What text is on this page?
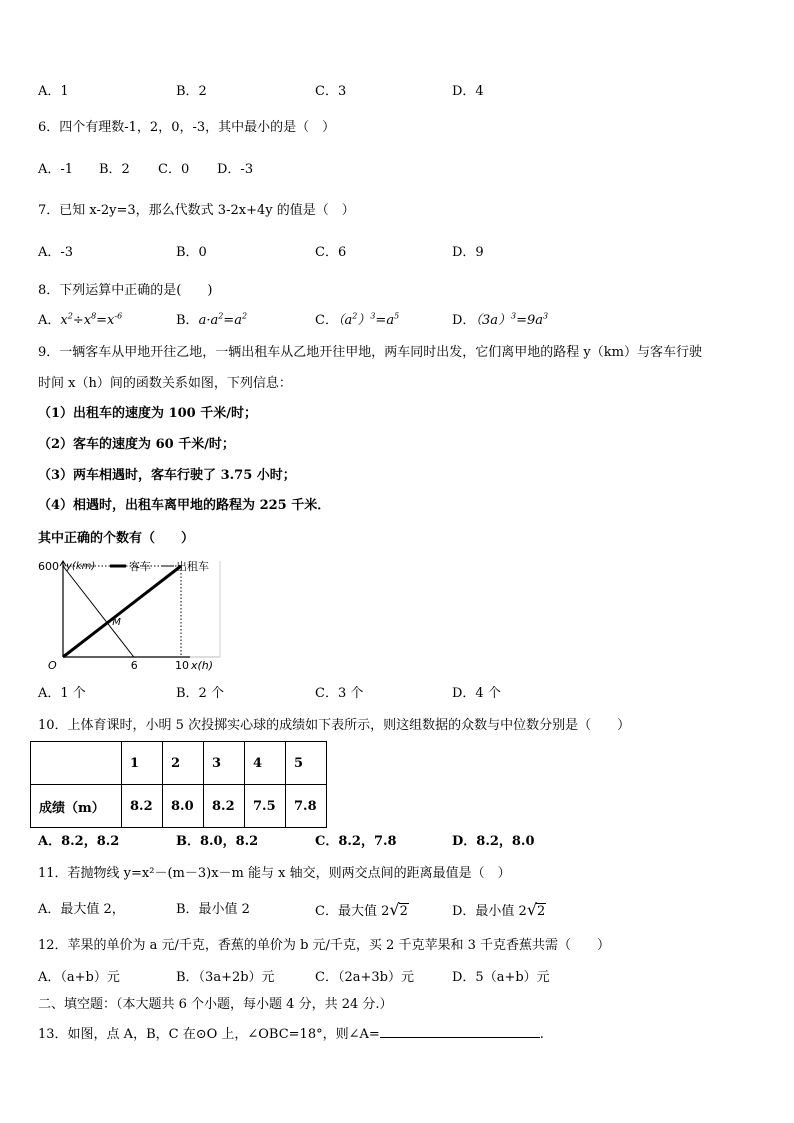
A．1	B．2	C．3	D．4
6．四个有理数-1，2，0，-3，其中最小的是（　）
A．-1 B．2 C．0 D．-3
7．已知 x-2y=3，那么代数式 3-2x+4y 的值是（　）
A．-3	B．0	C．6	D．9
8．下列运算中正确的是(　　)
A．$x^2\div x^8=x^{-6}$	B．$a\cdot a^2=a^2$	C．$(a^2)^3=a^5$	D．$(3a)^3=9a^3$
9．一辆客车从甲地开往乙地，一辆出租车从乙地开往甲地，两车同时出发，它们离甲地的路程 y（km）与客车行驶
时间 x（h）间的函数关系如图，下列信息：
（1）出租车的速度为 100 千米/时；
（2）客车的速度为 60 千米/时；
（3）两车相遇时，客车行驶了 3.75 小时；
（4）相遇时，出租车离甲地的路程为 225 千米．
其中正确的个数有（　　）
600
6	10
O	x(h)
y(km)
M
客车 出租车
A．1 个	B．2 个	C．3 个	D．4 个
10．上体育课时，小明 5 次投掷实心球的成绩如下表所示，则这组数据的众数与中位数分别是（　　）
	1	2	3	4	5
成绩（m）	8.2	8.0	8.2	7.5	7.8
A．8.2，8.2	B．8.0，8.2	C．8.2，7.8	D．8.2，8.0
11．若抛物线 y=x²－(m－3)x－m 能与 x 轴交，则两交点间的距离最值是（　）
A．最大值 2，	B．最小值 2	C．最大值 2√2	D．最小值 2√2
12．苹果的单价为 a 元/千克，香蕉的单价为 b 元/千克，买 2 千克苹果和 3 千克香蕉共需（　　）
A．（a+b）元	B．（3a+2b）元	C．（2a+3b）元	D．5（a+b）元
二、填空题：（本大题共 6 个小题，每小题 4 分，共 24 分.）
13．如图，点 A，B，C 在⊙O 上，∠OBC=18°，则∠A=	.
